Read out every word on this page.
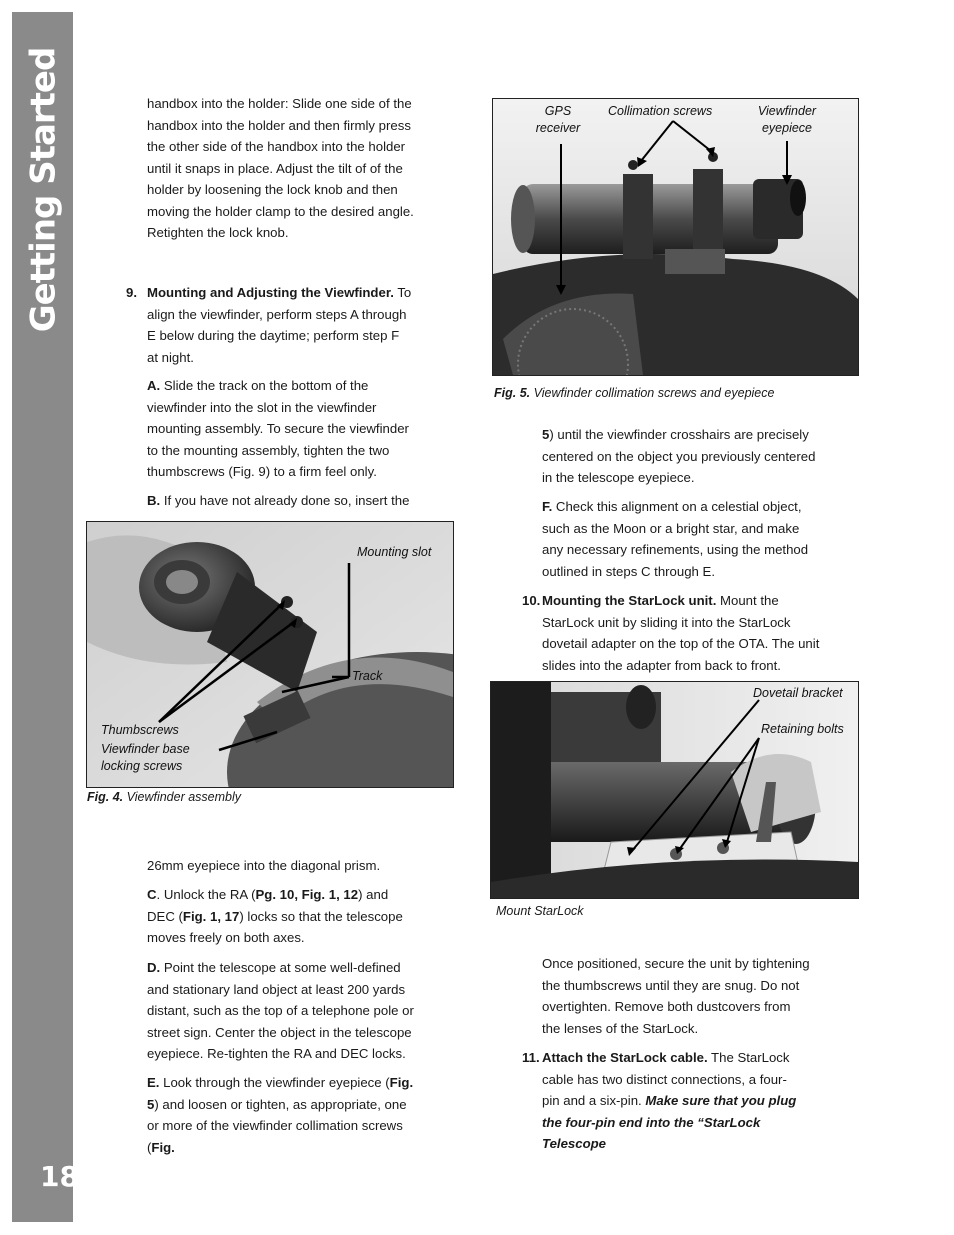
Getting Started
18

handbox into the holder: Slide one side of the handbox into the holder and then firmly press the other side of the handbox into the holder until it snaps in place. Adjust the tilt of of the holder by loosening the lock knob and then moving the holder clamp to the desired angle. Retighten the lock knob.

9. Mounting and Adjusting the Viewfinder. To align the viewfinder, perform steps A through E below during the daytime; perform step F at night.

A. Slide the track on the bottom of the viewfinder into the slot in the viewfinder mounting assembly. To secure the viewfinder to the mounting assembly, tighten the two thumbscrews (Fig. 9) to a firm feel only.

B. If you have not already done so, insert the

Mounting slot
Track
Thumbscrews
Viewfinder base locking screws
Fig. 4. Viewfinder assembly

26mm eyepiece into the diagonal prism.

C. Unlock the RA (Pg. 10, Fig. 1, 12) and DEC (Fig. 1, 17) locks so that the telescope moves freely on both axes.

D. Point the telescope at some well-defined and stationary land object at least 200 yards distant, such as the top of a telephone pole or street sign. Center the object in the telescope eyepiece. Re-tighten the RA and DEC locks.

E. Look through the viewfinder eyepiece (Fig. 5) and loosen or tighten, as appropriate, one or more of the viewfinder collimation screws (Fig.

GPS receiver
Collimation screws	Viewfinder eyepiece
Fig. 5. Viewfinder collimation screws and eyepiece

5) until the viewfinder crosshairs are precisely centered on the object you previously centered in the telescope eyepiece.

F. Check this alignment on a celestial object, such as the Moon or a bright star, and make any necessary refinements, using the method outlined in steps C through E.

10. Mounting the StarLock unit. Mount the StarLock unit by sliding it into the StarLock dovetail adapter on the top of the OTA. The unit slides into the adapter from back to front.

Dovetail bracket
Retaining bolts
Mount StarLock

Once positioned, secure the unit by tightening the thumbscrews until they are snug. Do not overtighten. Remove both dustcovers from the lenses of the StarLock.

11. Attach the StarLock cable. The StarLock cable has two distinct connections, a four-pin and a six-pin. Make sure that you plug the four-pin end into the “StarLock Telescope
